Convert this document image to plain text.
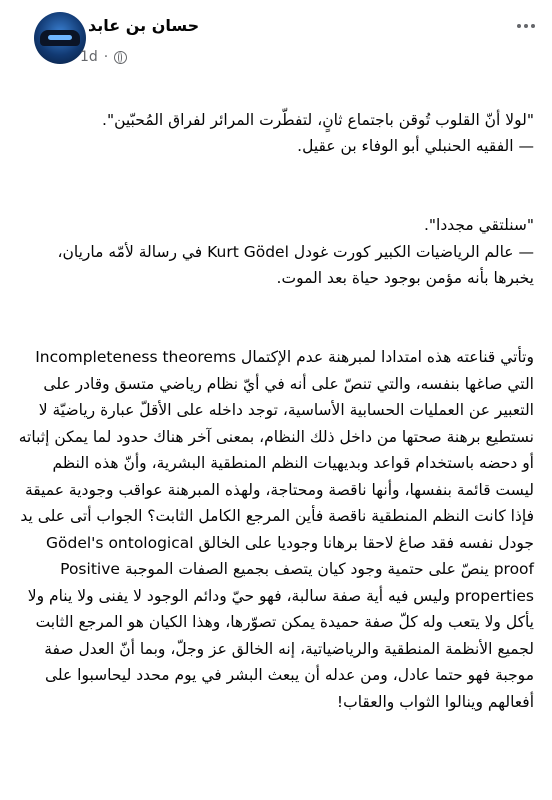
حسان بن عابد
1d ·

"لولا أنّ القلوب تُوقن باجتماع ثانٍ، لتفطّرت المرائر لفراق المُحبّين".
— الفقيه الحنبلي أبو الوفاء بن عقيل.

"سنلتقي مجددا".
— عالم الرياضيات الكبير كورت غودل Kurt Gödel في رسالة لأمّه ماريان، يخبرها بأنه مؤمن بوجود حياة بعد الموت.

وتأتي قناعته هذه امتدادا لمبرهنة عدم الإكتمال Incompleteness theorems التي صاغها بنفسه، والتي تنصّ على أنه في أيّ نظام رياضي متسق وقادر على التعبير عن العمليات الحسابية الأساسية، توجد داخله على الأقلّ عبارة رياضيّة لا نستطيع برهنة صحتها من داخل ذلك النظام، بمعنى آخر هناك حدود لما يمكن إثباته أو دحضه باستخدام قواعد وبديهيات النظم المنطقية البشرية، وأنّ هذه النظم ليست قائمة بنفسها، وأنها ناقصة ومحتاجة، ولهذه المبرهنة عواقب وجودية عميقة فإذا كانت النظم المنطقية ناقصة فأين المرجع الكامل الثابت؟ الجواب أتى على يد جودل نفسه فقد صاغ لاحقا برهانا وجوديا على الخالق Gödel's ontological proof ينصّ على حتمية وجود كيان يتصف بجميع الصفات الموجبة Positive properties وليس فيه أية صفة سالبة، فهو حيّ ودائم الوجود لا يفنى ولا ينام ولا يأكل ولا يتعب وله كلّ صفة حميدة يمكن تصوّرها، وهذا الكيان هو المرجع الثابت لجميع الأنظمة المنطقية والرياضياتية، إنه الخالق عز وجلّ، وبما أنّ العدل صفة موجبة فهو حتما عادل، ومن عدله أن يبعث البشر في يوم محدد ليحاسبوا على أفعالهم وينالوا الثواب والعقاب!
